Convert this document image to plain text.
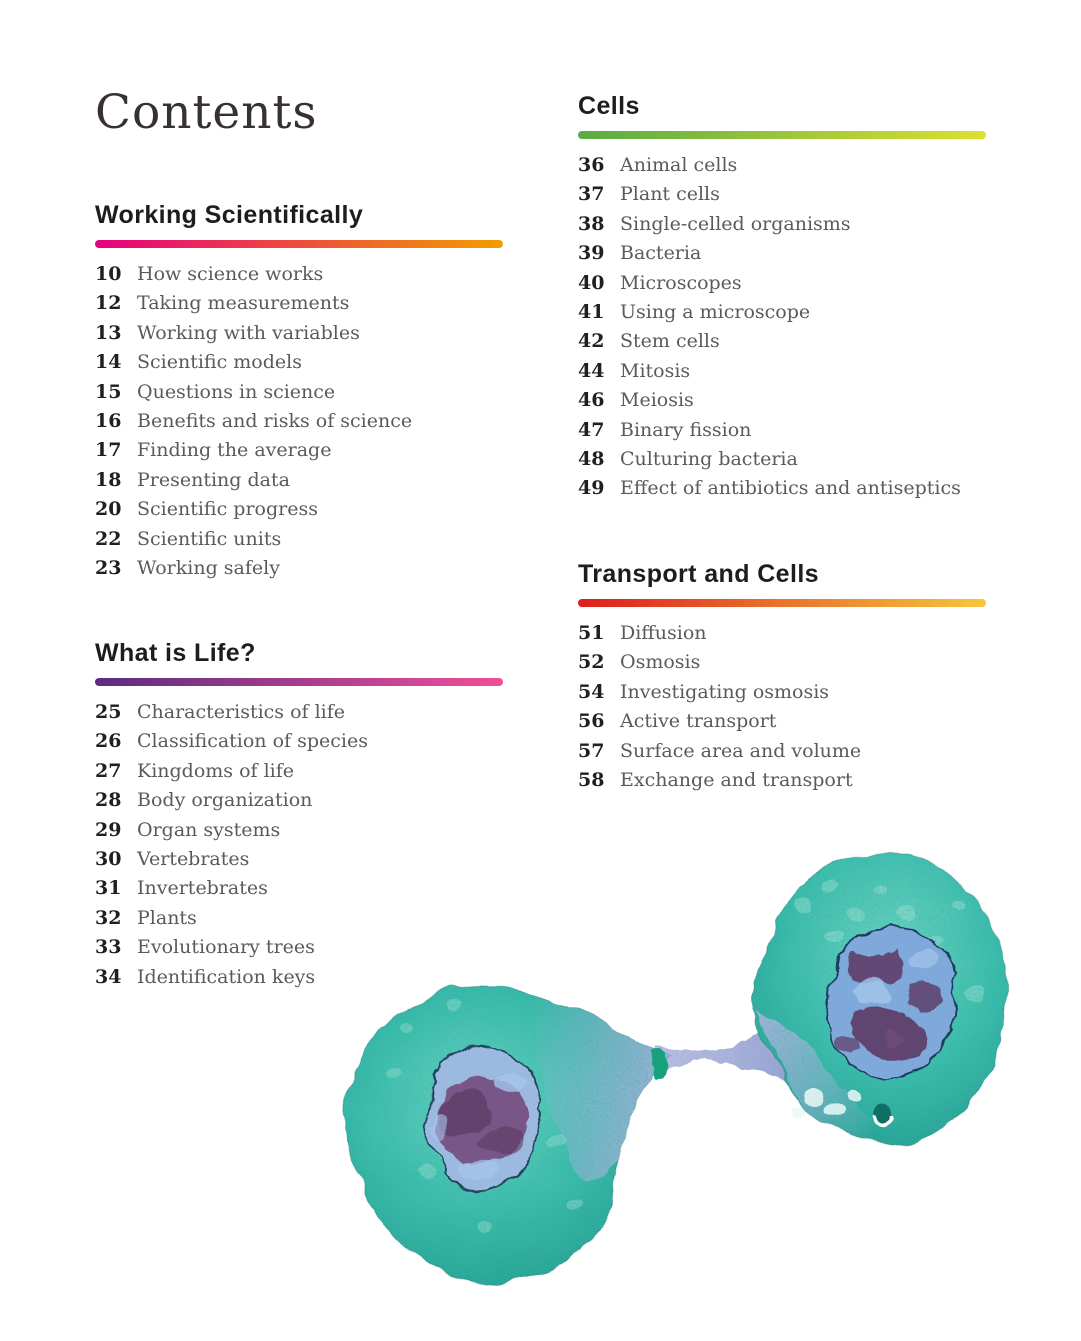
Contents
Working Scientifically
10 How science works
12 Taking measurements
13 Working with variables
14 Scientific models
15 Questions in science
16 Benefits and risks of science
17 Finding the average
18 Presenting data
20 Scientific progress
22 Scientific units
23 Working safely
What is Life?
25 Characteristics of life
26 Classification of species
27 Kingdoms of life
28 Body organization
29 Organ systems
30 Vertebrates
31 Invertebrates
32 Plants
33 Evolutionary trees
34 Identification keys
Cells
36 Animal cells
37 Plant cells
38 Single-celled organisms
39 Bacteria
40 Microscopes
41 Using a microscope
42 Stem cells
44 Mitosis
46 Meiosis
47 Binary fission
48 Culturing bacteria
49 Effect of antibiotics and antiseptics
Transport and Cells
51 Diffusion
52 Osmosis
54 Investigating osmosis
56 Active transport
57 Surface area and volume
58 Exchange and transport
